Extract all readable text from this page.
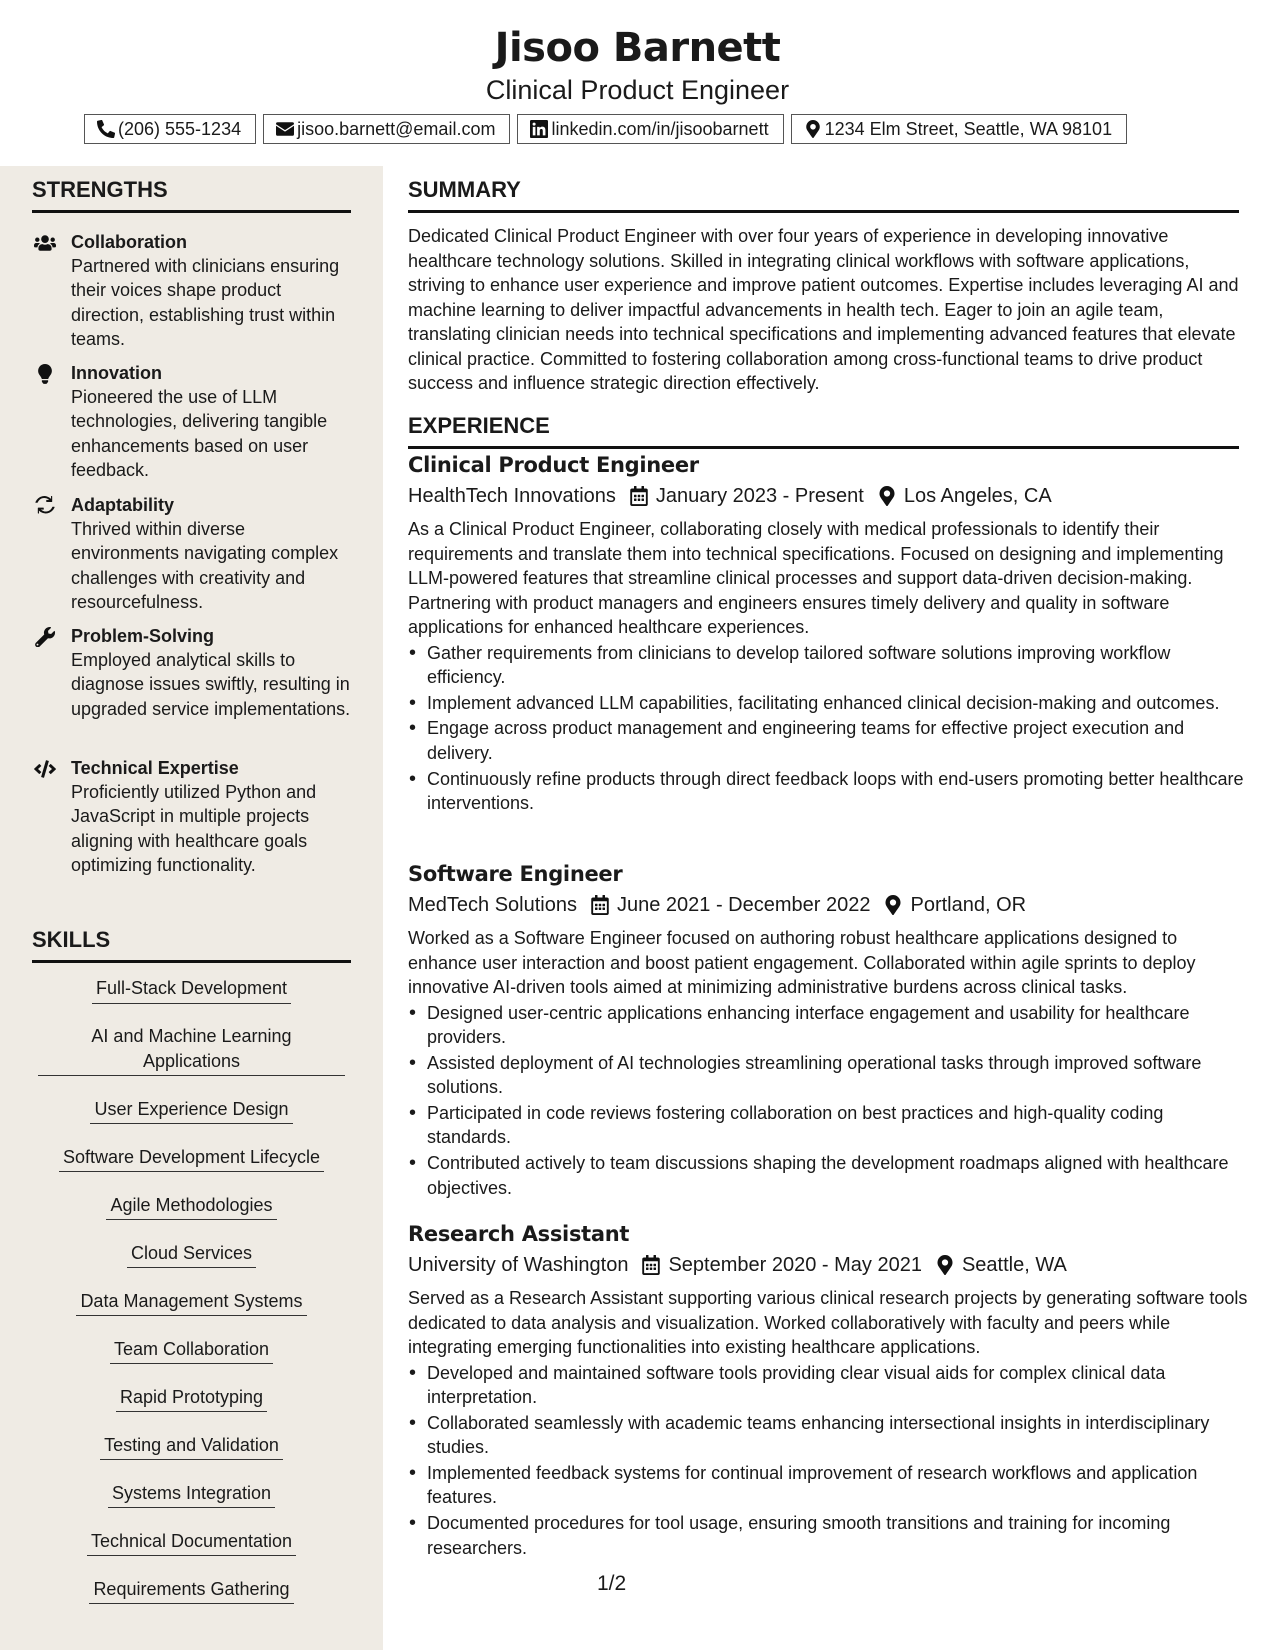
Jisoo Barnett
Clinical Product Engineer
(206) 555-1234	jisoo.barnett@email.com	linkedin.com/in/jisoobarnett	1234 Elm Street, Seattle, WA 98101
STRENGTHS
Collaboration
Partnered with clinicians ensuring their voices shape product direction, establishing trust within teams.
Innovation
Pioneered the use of LLM technologies, delivering tangible enhancements based on user feedback.
Adaptability
Thrived within diverse environments navigating complex challenges with creativity and resourcefulness.
Problem-Solving
Employed analytical skills to diagnose issues swiftly, resulting in upgraded service implementations.
Technical Expertise
Proficiently utilized Python and JavaScript in multiple projects aligning with healthcare goals optimizing functionality.
SKILLS
Full-Stack Development
AI and Machine Learning Applications
User Experience Design
Software Development Lifecycle
Agile Methodologies
Cloud Services
Data Management Systems
Team Collaboration
Rapid Prototyping
Testing and Validation
Systems Integration
Technical Documentation
Requirements Gathering
SUMMARY
Dedicated Clinical Product Engineer with over four years of experience in developing innovative healthcare technology solutions. Skilled in integrating clinical workflows with software applications, striving to enhance user experience and improve patient outcomes. Expertise includes leveraging AI and machine learning to deliver impactful advancements in health tech. Eager to join an agile team, translating clinician needs into technical specifications and implementing advanced features that elevate clinical practice. Committed to fostering collaboration among cross-functional teams to drive product success and influence strategic direction effectively.
EXPERIENCE
Clinical Product Engineer
HealthTech Innovations January 2023 - Present Los Angeles, CA
As a Clinical Product Engineer, collaborating closely with medical professionals to identify their requirements and translate them into technical specifications. Focused on designing and implementing LLM-powered features that streamline clinical processes and support data-driven decision-making. Partnering with product managers and engineers ensures timely delivery and quality in software applications for enhanced healthcare experiences.
• Gather requirements from clinicians to develop tailored software solutions improving workflow efficiency.
• Implement advanced LLM capabilities, facilitating enhanced clinical decision-making and outcomes.
• Engage across product management and engineering teams for effective project execution and delivery.
• Continuously refine products through direct feedback loops with end-users promoting better healthcare interventions.
Software Engineer
MedTech Solutions June 2021 - December 2022 Portland, OR
Worked as a Software Engineer focused on authoring robust healthcare applications designed to enhance user interaction and boost patient engagement. Collaborated within agile sprints to deploy innovative AI-driven tools aimed at minimizing administrative burdens across clinical tasks.
• Designed user-centric applications enhancing interface engagement and usability for healthcare providers.
• Assisted deployment of AI technologies streamlining operational tasks through improved software solutions.
• Participated in code reviews fostering collaboration on best practices and high-quality coding standards.
• Contributed actively to team discussions shaping the development roadmaps aligned with healthcare objectives.
Research Assistant
University of Washington September 2020 - May 2021 Seattle, WA
Served as a Research Assistant supporting various clinical research projects by generating software tools dedicated to data analysis and visualization. Worked collaboratively with faculty and peers while integrating emerging functionalities into existing healthcare applications.
• Developed and maintained software tools providing clear visual aids for complex clinical data interpretation.
• Collaborated seamlessly with academic teams enhancing intersectional insights in interdisciplinary studies.
• Implemented feedback systems for continual improvement of research workflows and application features.
• Documented procedures for tool usage, ensuring smooth transitions and training for incoming researchers.
1/2
